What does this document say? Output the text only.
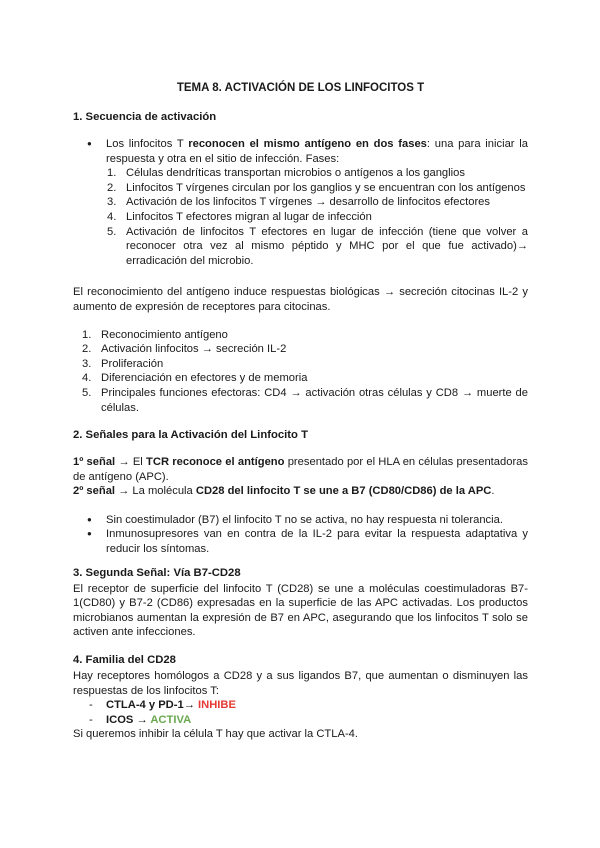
TEMA 8. ACTIVACIÓN DE LOS LINFOCITOS T
1. Secuencia de activación
● Los linfocitos T reconocen el mismo antígeno en dos fases: una para iniciar la respuesta y otra en el sitio de infección. Fases:
1. Células dendríticas transportan microbios o antígenos a los ganglios
2. Linfocitos T vírgenes circulan por los ganglios y se encuentran con los antígenos
3. Activación de los linfocitos T vírgenes → desarrollo de linfocitos efectores
4. Linfocitos T efectores migran al lugar de infección
5. Activación de linfocitos T efectores en lugar de infección (tiene que volver a reconocer otra vez al mismo péptido y MHC por el que fue activado)→ erradicación del microbio.

El reconocimiento del antígeno induce respuestas biológicas → secreción citocinas IL-2 y aumento de expresión de receptores para citocinas.

1. Reconocimiento antígeno
2. Activación linfocitos → secreción IL-2
3. Proliferación
4. Diferenciación en efectores y de memoria
5. Principales funciones efectoras: CD4 → activación otras células y CD8 → muerte de células.
2. Señales para la Activación del Linfocito T

1º señal → El TCR reconoce el antígeno presentado por el HLA en células presentadoras de antígeno (APC).

2º señal → La molécula CD28 del linfocito T se une a B7 (CD80/CD86) de la APC.

● Sin coestimulador (B7) el linfocito T no se activa, no hay respuesta ni tolerancia.
● Inmunosupresores van en contra de la IL-2 para evitar la respuesta adaptativa y reducir los síntomas.
3. Segunda Señal: Vía B7-CD28

El receptor de superficie del linfocito T (CD28) se une a moléculas coestimuladoras B7-1(CD80) y B7-2 (CD86) expresadas en la superficie de las APC activadas. Los productos microbianos aumentan la expresión de B7 en APC, asegurando que los linfocitos T solo se activen ante infecciones.

4. Familia del CD28

Hay receptores homólogos a CD28 y a sus ligandos B7, que aumentan o disminuyen las respuestas de los linfocitos T:

- CTLA-4 y PD-1→ INHIBE
- ICOS → ACTIVA

Si queremos inhibir la célula T hay que activar la CTLA-4.
